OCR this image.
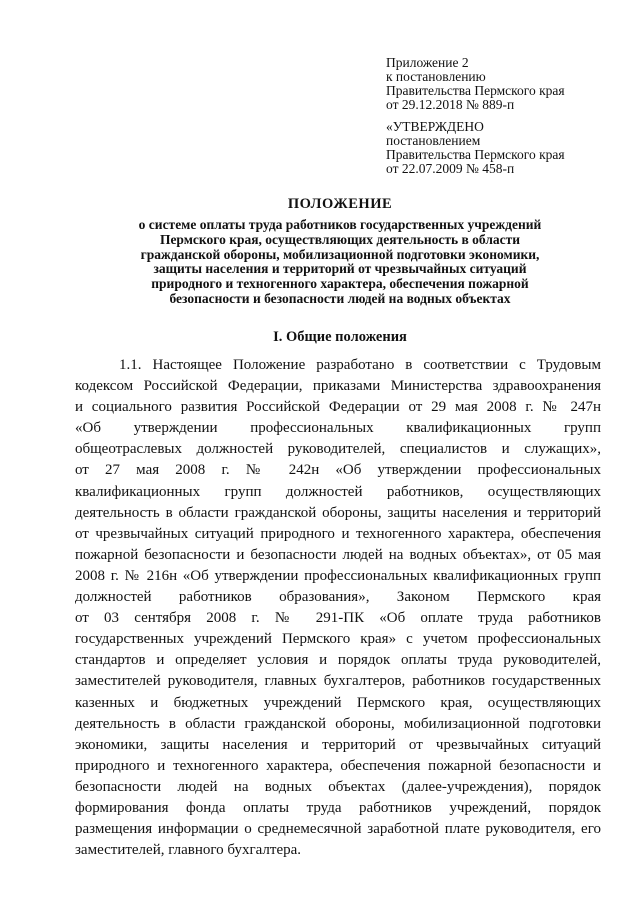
Приложение 2
к постановлению
Правительства Пермского края
от 29.12.2018 № 889-п
«УТВЕРЖДЕНО
постановлением
Правительства Пермского края
от 22.07.2009 № 458-п
ПОЛОЖЕНИЕ
о системе оплаты труда работников государственных учреждений
Пермского края, осуществляющих деятельность в области
гражданской обороны, мобилизационной подготовки экономики,
защиты населения и территорий от чрезвычайных ситуаций
природного и техногенного характера, обеспечения пожарной
безопасности и безопасности людей на водных объектах
I. Общие положения
1.1. Настоящее Положение разработано в соответствии с Трудовым
кодексом Российской Федерации, приказами Министерства здравоохранения
и социального развития Российской Федерации от 29 мая 2008 г. № 247н
«Об утверждении профессиональных квалификационных групп
общеотраслевых должностей руководителей, специалистов и служащих»,
от 27 мая 2008 г. № 242н «Об утверждении профессиональных
квалификационных групп должностей работников, осуществляющих
деятельность в области гражданской обороны, защиты населения и территорий
от чрезвычайных ситуаций природного и техногенного характера, обеспечения
пожарной безопасности и безопасности людей на водных объектах», от 05 мая
2008 г. № 216н «Об утверждении профессиональных квалификационных групп
должностей работников образования», Законом Пермского края
от 03 сентября 2008 г. № 291-ПК «Об оплате труда работников
государственных учреждений Пермского края» с учетом профессиональных
стандартов и определяет условия и порядок оплаты труда руководителей,
заместителей руководителя, главных бухгалтеров, работников государственных
казенных и бюджетных учреждений Пермского края, осуществляющих
деятельность в области гражданской обороны, мобилизационной подготовки
экономики, защиты населения и территорий от чрезвычайных ситуаций
природного и техногенного характера, обеспечения пожарной безопасности и
безопасности людей на водных объектах (далее-учреждения), порядок
формирования фонда оплаты труда работников учреждений, порядок
размещения информации о среднемесячной заработной плате руководителя, его
заместителей, главного бухгалтера.
